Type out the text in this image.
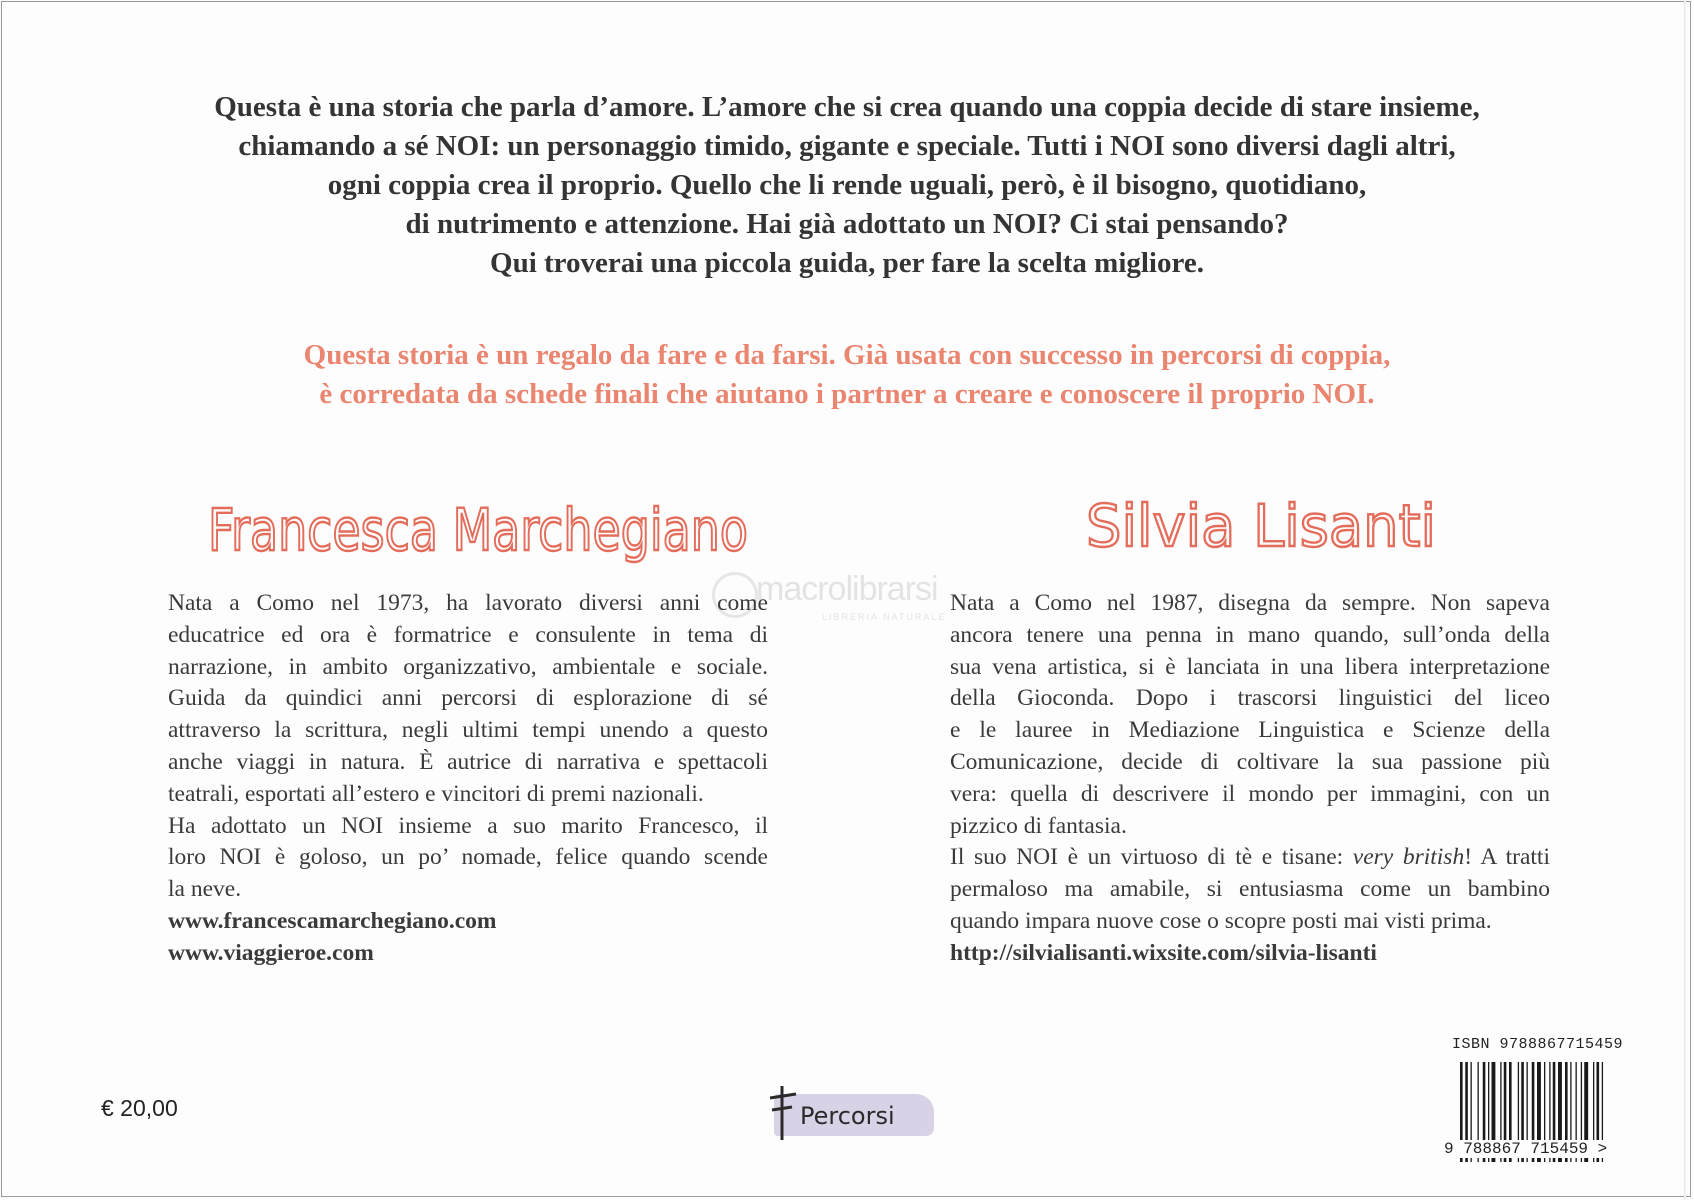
Questa è una storia che parla d’amore. L’amore che si crea quando una coppia decide di stare insieme,
chiamando a sé NOI: un personaggio timido, gigante e speciale. Tutti i NOI sono diversi dagli altri,
ogni coppia crea il proprio. Quello che li rende uguali, però, è il bisogno, quotidiano,
di nutrimento e attenzione. Hai già adottato un NOI? Ci stai pensando?
Qui troverai una piccola guida, per fare la scelta migliore.
Questa storia è un regalo da fare e da farsi. Già usata con successo in percorsi di coppia,
è corredata da schede finali che aiutano i partner a creare e conoscere il proprio NOI.
Francesca Marchegiano	Silvia Lisanti
macrolibrarsi
LIBRERIA NATURALE
Nata a Como nel 1973, ha lavorato diversi anni come
educatrice ed ora è formatrice e consulente in tema di
narrazione, in ambito organizzativo, ambientale e sociale.
Guida da quindici anni percorsi di esplorazione di sé
attraverso la scrittura, negli ultimi tempi unendo a questo
anche viaggi in natura. È autrice di narrativa e spettacoli
teatrali, esportati all’estero e vincitori di premi nazionali.
Ha adottato un NOI insieme a suo marito Francesco, il
loro NOI è goloso, un po’ nomade, felice quando scende
la neve.
www.francescamarchegiano.com
www.viaggieroe.com
Nata a Como nel 1987, disegna da sempre. Non sapeva
ancora tenere una penna in mano quando, sull’onda della
sua vena artistica, si è lanciata in una libera interpretazione
della Gioconda. Dopo i trascorsi linguistici del liceo
e le lauree in Mediazione Linguistica e Scienze della
Comunicazione, decide di coltivare la sua passione più
vera: quella di descrivere il mondo per immagini, con un
pizzico di fantasia.
Il suo NOI è un virtuoso di tè e tisane: very british! A tratti
permaloso ma amabile, si entusiasma come un bambino
quando impara nuove cose o scopre posti mai visti prima.
http://silvialisanti.wixsite.com/silvia-lisanti
€ 20,00	Percorsi
ISBN 9788867715459
9 788867 715459 >
